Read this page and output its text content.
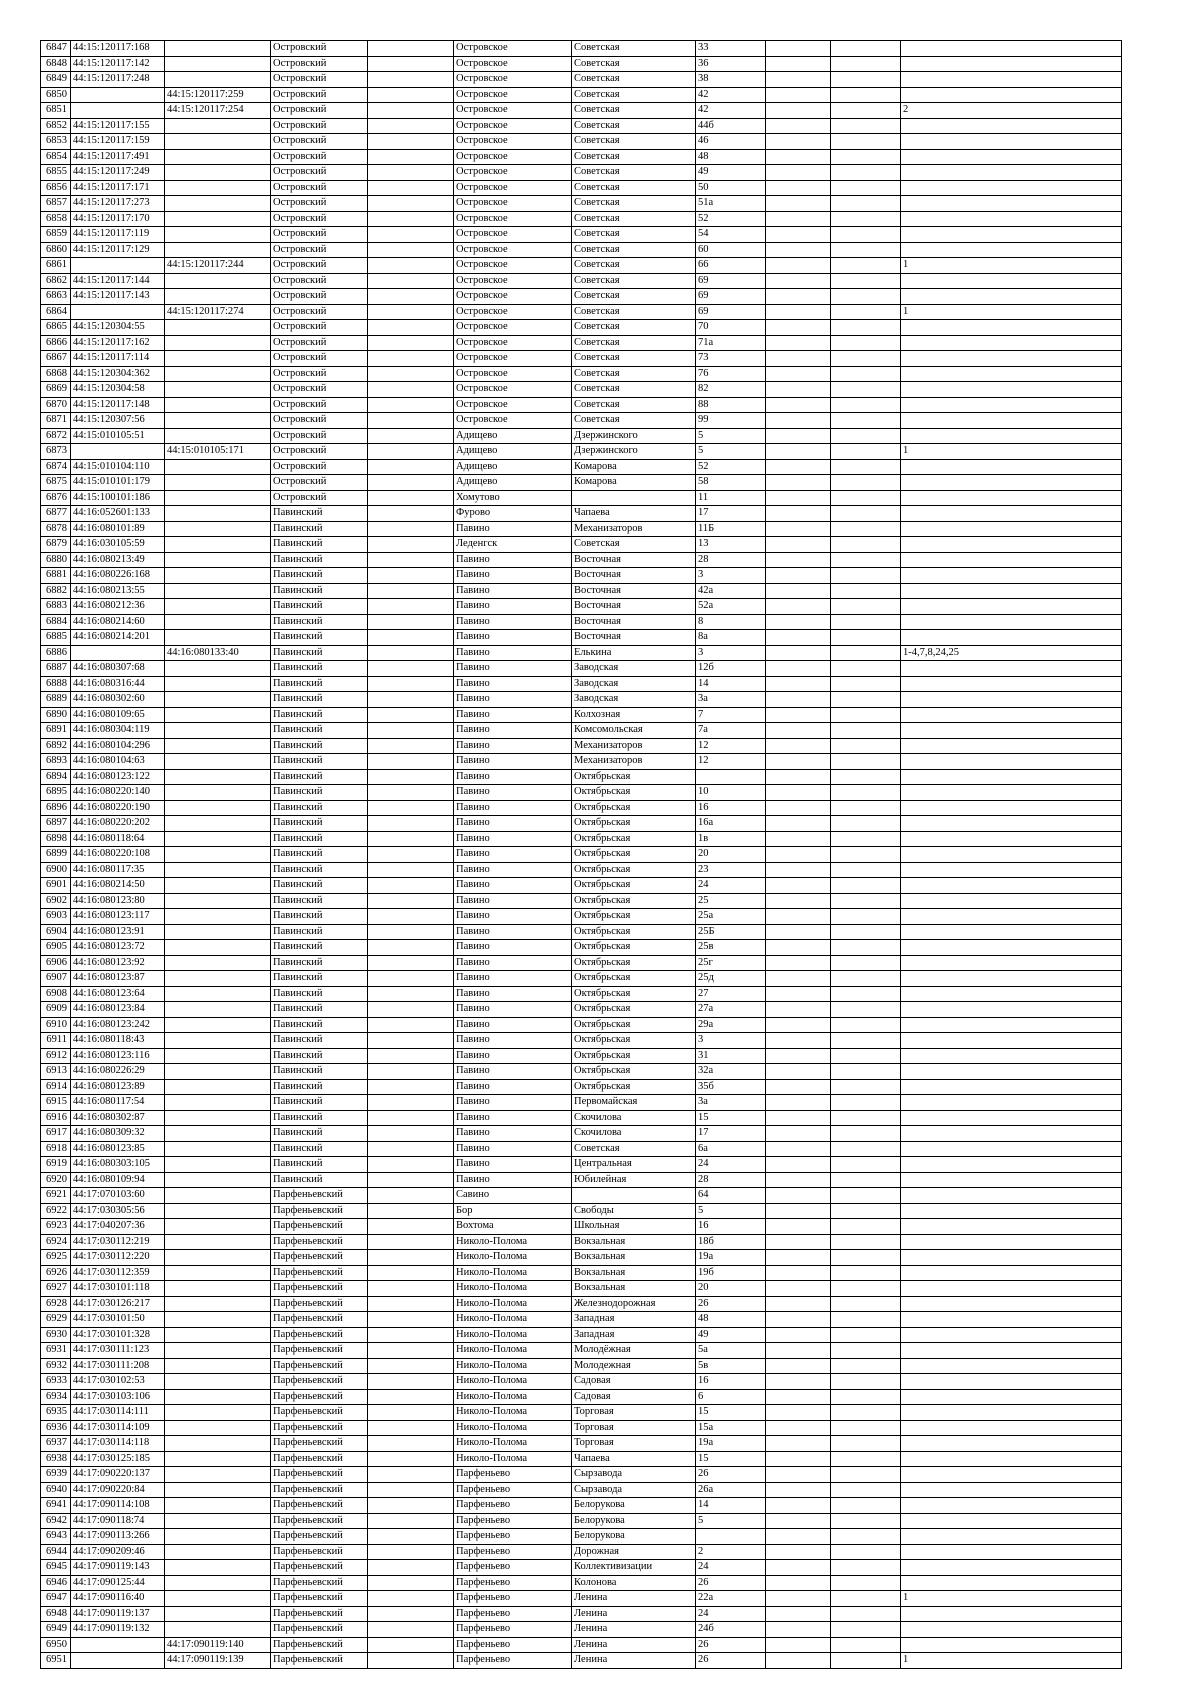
6847	44:15:120117:168		Островский		Островское	Советская	33			
6848	44:15:120117:142		Островский		Островское	Советская	36			
6849	44:15:120117:248		Островский		Островское	Советская	38			
6850		44:15:120117:259	Островский		Островское	Советская	42			
6851		44:15:120117:254	Островский		Островское	Советская	42			2
6852	44:15:120117:155		Островский		Островское	Советская	44б			
6853	44:15:120117:159		Островский		Островское	Советская	46			
6854	44:15:120117:491		Островский		Островское	Советская	48			
6855	44:15:120117:249		Островский		Островское	Советская	49			
6856	44:15:120117:171		Островский		Островское	Советская	50			
6857	44:15:120117:273		Островский		Островское	Советская	51а			
6858	44:15:120117:170		Островский		Островское	Советская	52			
6859	44:15:120117:119		Островский		Островское	Советская	54			
6860	44:15:120117:129		Островский		Островское	Советская	60			
6861		44:15:120117:244	Островский		Островское	Советская	66			1
6862	44:15:120117:144		Островский		Островское	Советская	69			
6863	44:15:120117:143		Островский		Островское	Советская	69			
6864		44:15:120117:274	Островский		Островское	Советская	69			1
6865	44:15:120304:55		Островский		Островское	Советская	70			
6866	44:15:120117:162		Островский		Островское	Советская	71а			
6867	44:15:120117:114		Островский		Островское	Советская	73			
6868	44:15:120304:362		Островский		Островское	Советская	76			
6869	44:15:120304:58		Островский		Островское	Советская	82			
6870	44:15:120117:148		Островский		Островское	Советская	88			
6871	44:15:120307:56		Островский		Островское	Советская	99			
6872	44:15:010105:51		Островский		Адищево	Дзержинского	5			
6873		44:15:010105:171	Островский		Адищево	Дзержинского	5			1
6874	44:15:010104:110		Островский		Адищево	Комарова	52			
6875	44:15:010101:179		Островский		Адищево	Комарова	58			
6876	44:15:100101:186		Островский		Хомутово		11			
6877	44:16:052601:133		Павинский		Фурово	Чапаева	17			
6878	44:16:080101:89		Павинский		Павино	Механизаторов	11Б			
6879	44:16:030105:59		Павинский		Леденгск	Советская	13			
6880	44:16:080213:49		Павинский		Павино	Восточная	28			
6881	44:16:080226:168		Павинский		Павино	Восточная	3			
6882	44:16:080213:55		Павинский		Павино	Восточная	42а			
6883	44:16:080212:36		Павинский		Павино	Восточная	52а			
6884	44:16:080214:60		Павинский		Павино	Восточная	8			
6885	44:16:080214:201		Павинский		Павино	Восточная	8а			
6886		44:16:080133:40	Павинский		Павино	Елькина	3			1-4,7,8,24,25
6887	44:16:080307:68		Павинский		Павино	Заводская	12б			
6888	44:16:080316:44		Павинский		Павино	Заводская	14			
6889	44:16:080302:60		Павинский		Павино	Заводская	3а			
6890	44:16:080109:65		Павинский		Павино	Колхозная	7			
6891	44:16:080304:119		Павинский		Павино	Комсомольская	7а			
6892	44:16:080104:296		Павинский		Павино	Механизаторов	12			
6893	44:16:080104:63		Павинский		Павино	Механизаторов	12			
6894	44:16:080123:122		Павинский		Павино	Октябрьская				
6895	44:16:080220:140		Павинский		Павино	Октябрьская	10			
6896	44:16:080220:190		Павинский		Павино	Октябрьская	16			
6897	44:16:080220:202		Павинский		Павино	Октябрьская	16а			
6898	44:16:080118:64		Павинский		Павино	Октябрьская	1в			
6899	44:16:080220:108		Павинский		Павино	Октябрьская	20			
6900	44:16:080117:35		Павинский		Павино	Октябрьская	23			
6901	44:16:080214:50		Павинский		Павино	Октябрьская	24			
6902	44:16:080123:80		Павинский		Павино	Октябрьская	25			
6903	44:16:080123:117		Павинский		Павино	Октябрьская	25а			
6904	44:16:080123:91		Павинский		Павино	Октябрьская	25Б			
6905	44:16:080123:72		Павинский		Павино	Октябрьская	25в			
6906	44:16:080123:92		Павинский		Павино	Октябрьская	25г			
6907	44:16:080123:87		Павинский		Павино	Октябрьская	25д			
6908	44:16:080123:64		Павинский		Павино	Октябрьская	27			
6909	44:16:080123:84		Павинский		Павино	Октябрьская	27а			
6910	44:16:080123:242		Павинский		Павино	Октябрьская	29а			
6911	44:16:080118:43		Павинский		Павино	Октябрьская	3			
6912	44:16:080123:116		Павинский		Павино	Октябрьская	31			
6913	44:16:080226:29		Павинский		Павино	Октябрьская	32а			
6914	44:16:080123:89		Павинский		Павино	Октябрьская	35б			
6915	44:16:080117:54		Павинский		Павино	Первомайская	3а			
6916	44:16:080302:87		Павинский		Павино	Скочилова	15			
6917	44:16:080309:32		Павинский		Павино	Скочилова	17			
6918	44:16:080123:85		Павинский		Павино	Советская	6а			
6919	44:16:080303:105		Павинский		Павино	Центральная	24			
6920	44:16:080109:94		Павинский		Павино	Юбилейная	28			
6921	44:17:070103:60		Парфеньевский		Савино		64			
6922	44:17:030305:56		Парфеньевский		Бор	Свободы	5			
6923	44:17:040207:36		Парфеньевский		Вохтома	Школьная	16			
6924	44:17:030112:219		Парфеньевский		Николо-Полома	Вокзальная	18б			
6925	44:17:030112:220		Парфеньевский		Николо-Полома	Вокзальная	19а			
6926	44:17:030112:359		Парфеньевский		Николо-Полома	Вокзальная	19б			
6927	44:17:030101:118		Парфеньевский		Николо-Полома	Вокзальная	20			
6928	44:17:030126:217		Парфеньевский		Николо-Полома	Железнодорожная	26			
6929	44:17:030101:50		Парфеньевский		Николо-Полома	Западная	48			
6930	44:17:030101:328		Парфеньевский		Николо-Полома	Западная	49			
6931	44:17:030111:123		Парфеньевский		Николо-Полома	Молодёжная	5а			
6932	44:17:030111:208		Парфеньевский		Николо-Полома	Молодежная	5в			
6933	44:17:030102:53		Парфеньевский		Николо-Полома	Садовая	16			
6934	44:17:030103:106		Парфеньевский		Николо-Полома	Садовая	6			
6935	44:17:030114:111		Парфеньевский		Николо-Полома	Торговая	15			
6936	44:17:030114:109		Парфеньевский		Николо-Полома	Торговая	15а			
6937	44:17:030114:118		Парфеньевский		Николо-Полома	Торговая	19а			
6938	44:17:030125:185		Парфеньевский		Николо-Полома	Чапаева	15			
6939	44:17:090220:137		Парфеньевский		Парфеньево	Сырзавода	26			
6940	44:17:090220:84		Парфеньевский		Парфеньево	Сырзавода	26а			
6941	44:17:090114:108		Парфеньевский		Парфеньево	Белорукова	14			
6942	44:17:090118:74		Парфеньевский		Парфеньево	Белорукова	5			
6943	44:17:090113:266		Парфеньевский		Парфеньево	Белорукова				
6944	44:17:090209:46		Парфеньевский		Парфеньево	Дорожная	2			
6945	44:17:090119:143		Парфеньевский		Парфеньево	Коллективизации	24			
6946	44:17:090125:44		Парфеньевский		Парфеньево	Колонова	26			
6947	44:17:090116:40		Парфеньевский		Парфеньево	Ленина	22а			1
6948	44:17:090119:137		Парфеньевский		Парфеньево	Ленина	24			
6949	44:17:090119:132		Парфеньевский		Парфеньево	Ленина	24б			
6950		44:17:090119:140	Парфеньевский		Парфеньево	Ленина	26			
6951		44:17:090119:139	Парфеньевский		Парфеньево	Ленина	26			1
